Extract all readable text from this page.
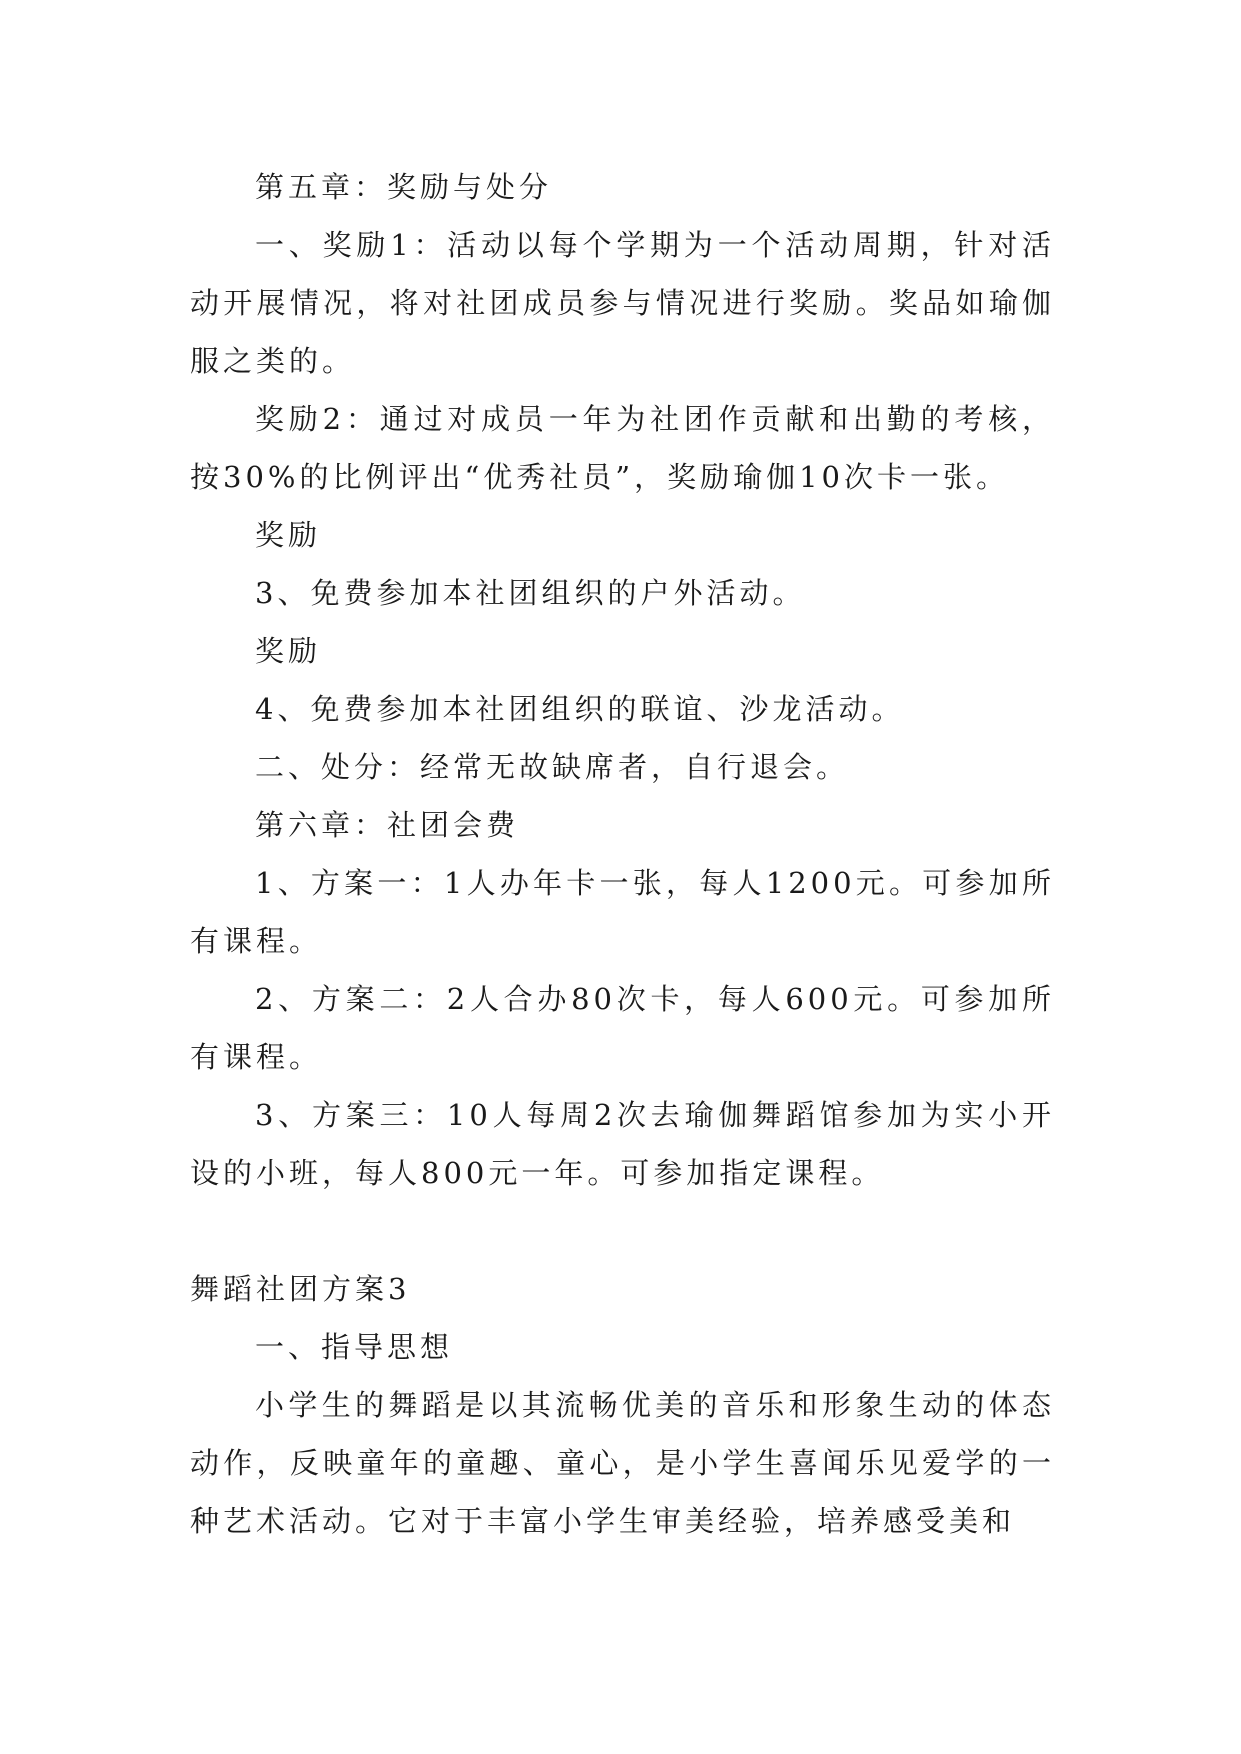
第五章：奖励与处分

一、奖励1：活动以每个学期为一个活动周期，针对活动开展情况，将对社团成员参与情况进行奖励。奖品如瑜伽服之类的。

奖励2：通过对成员一年为社团作贡献和出勤的考核，按30%的比例评出“优秀社员”，奖励瑜伽10次卡一张。

奖励

3、免费参加本社团组织的户外活动。

奖励

4、免费参加本社团组织的联谊、沙龙活动。

二、处分：经常无故缺席者，自行退会。

第六章：社团会费

1、方案一：1人办年卡一张，每人1200元。可参加所有课程。

2、方案二：2人合办80次卡，每人600元。可参加所有课程。

3、方案三：10人每周2次去瑜伽舞蹈馆参加为实小开设的小班，每人800元一年。可参加指定课程。

舞蹈社团方案3

一、指导思想

小学生的舞蹈是以其流畅优美的音乐和形象生动的体态动作，反映童年的童趣、童心，是小学生喜闻乐见爱学的一种艺术活动。它对于丰富小学生审美经验，培养感受美和
